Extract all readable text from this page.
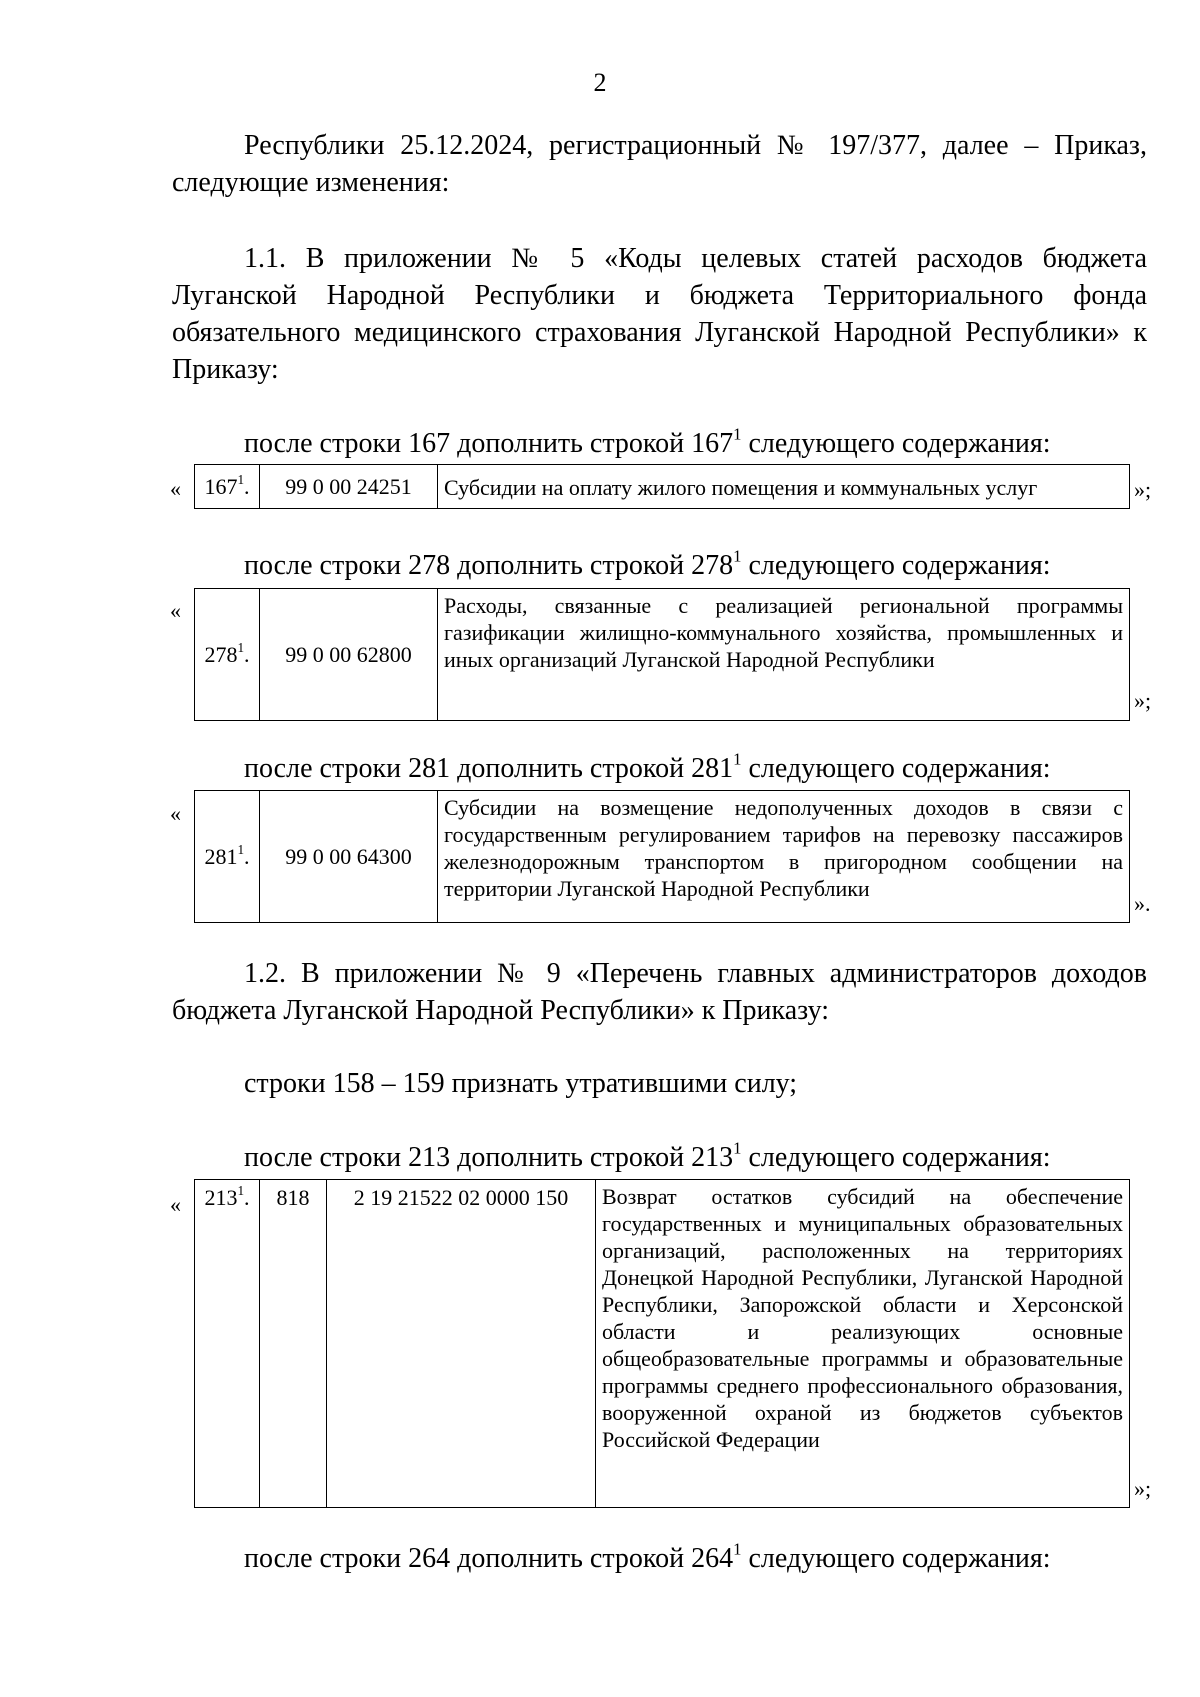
2
Республики 25.12.2024, регистрационный № 197/377, далее – Приказ,
следующие изменения:
1.1. В приложении № 5 «Коды целевых статей расходов бюджета Луганской Народной Республики и бюджета Территориального фонда обязательного медицинского страхования Луганской Народной Республики» к Приказу:
после строки 167 дополнить строкой $167^1$ следующего содержания:
« $167^1$.	99 0 00 24251	Субсидии на оплату жилого помещения и коммунальных услуг	»;
после строки 278 дополнить строкой $278^1$ следующего содержания:
«
$278^1$.	99 0 00 62800	Расходы, связанные с реализацией региональной программы газификации жилищно-коммунального хозяйства, промышленных и иных организаций Луганской Народной Республики
»;
после строки 281 дополнить строкой $281^1$ следующего содержания:
«
$281^1$.	99 0 00 64300	Субсидии на возмещение недополученных доходов в связи с государственным регулированием тарифов на перевозку пассажиров железнодорожным транспортом в пригородном сообщении на территории Луганской Народной Республики
».
1.2. В приложении № 9 «Перечень главных администраторов доходов бюджета Луганской Народной Республики» к Приказу:
строки 158 – 159 признать утратившими силу;
после строки 213 дополнить строкой $213^1$ следующего содержания:
« $213^1$.	818	2 19 21522 02 0000 150	Возврат остатков субсидий на обеспечение государственных и муниципальных образовательных организаций, расположенных на территориях Донецкой Народной Республики, Луганской Народной Республики, Запорожской области и Херсонской области и реализующих основные общеобразовательные программы и образовательные программы среднего профессионального образования, вооруженной охраной из бюджетов субъектов Российской Федерации
»;
после строки 264 дополнить строкой $264^1$ следующего содержания:
